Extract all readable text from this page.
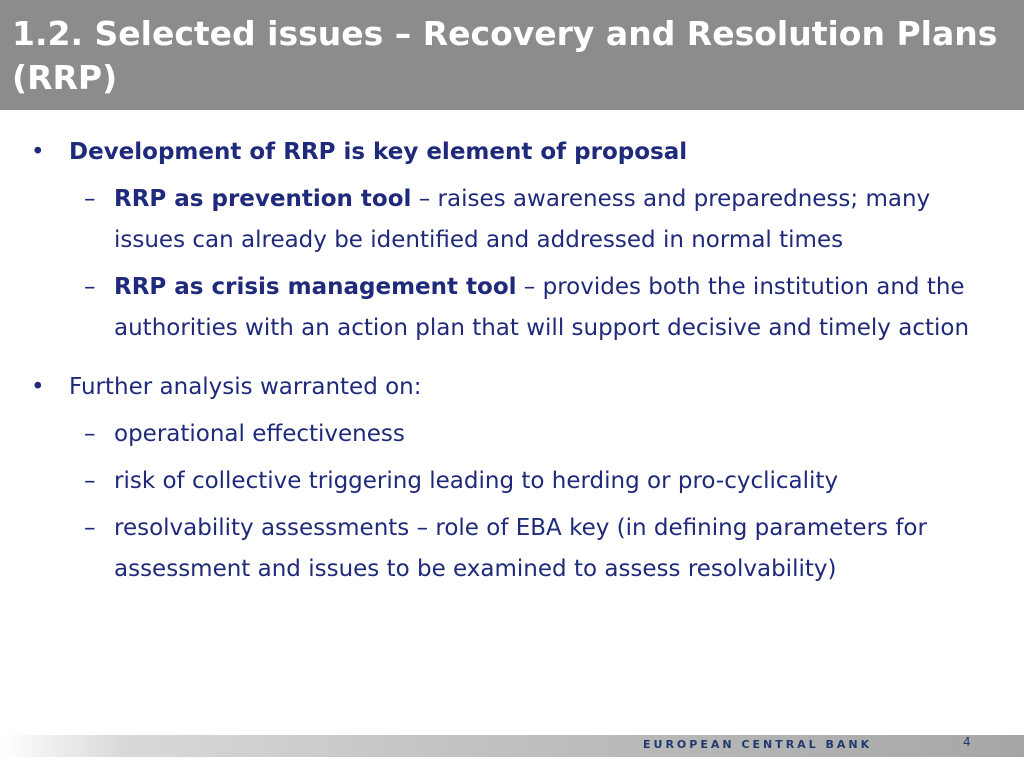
1.2. Selected issues – Recovery and Resolution Plans (RRP)
• Development of RRP is key element of proposal
– RRP as prevention tool – raises awareness and preparedness; many issues can already be identified and addressed in normal times
– RRP as crisis management tool – provides both the institution and the authorities with an action plan that will support decisive and timely action
• Further analysis warranted on:
– operational effectiveness
– risk of collective triggering leading to herding or pro-cyclicality
– resolvability assessments – role of EBA key (in defining parameters for assessment and issues to be examined to assess resolvability)
EUROPEAN CENTRAL BANK	4
